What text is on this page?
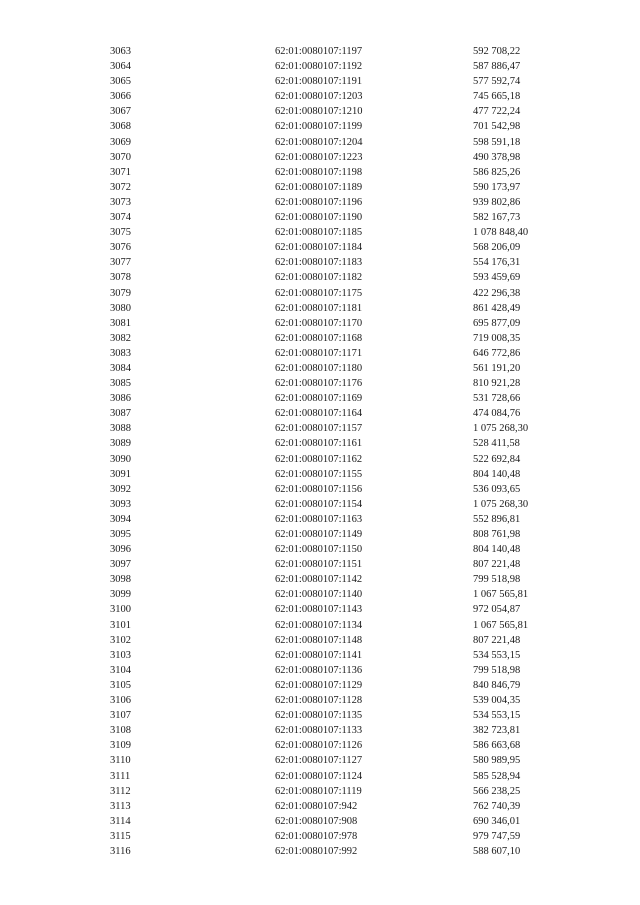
3063	62:01:0080107:1197	592 708,22
3064	62:01:0080107:1192	587 886,47
3065	62:01:0080107:1191	577 592,74
3066	62:01:0080107:1203	745 665,18
3067	62:01:0080107:1210	477 722,24
3068	62:01:0080107:1199	701 542,98
3069	62:01:0080107:1204	598 591,18
3070	62:01:0080107:1223	490 378,98
3071	62:01:0080107:1198	586 825,26
3072	62:01:0080107:1189	590 173,97
3073	62:01:0080107:1196	939 802,86
3074	62:01:0080107:1190	582 167,73
3075	62:01:0080107:1185	1 078 848,40
3076	62:01:0080107:1184	568 206,09
3077	62:01:0080107:1183	554 176,31
3078	62:01:0080107:1182	593 459,69
3079	62:01:0080107:1175	422 296,38
3080	62:01:0080107:1181	861 428,49
3081	62:01:0080107:1170	695 877,09
3082	62:01:0080107:1168	719 008,35
3083	62:01:0080107:1171	646 772,86
3084	62:01:0080107:1180	561 191,20
3085	62:01:0080107:1176	810 921,28
3086	62:01:0080107:1169	531 728,66
3087	62:01:0080107:1164	474 084,76
3088	62:01:0080107:1157	1 075 268,30
3089	62:01:0080107:1161	528 411,58
3090	62:01:0080107:1162	522 692,84
3091	62:01:0080107:1155	804 140,48
3092	62:01:0080107:1156	536 093,65
3093	62:01:0080107:1154	1 075 268,30
3094	62:01:0080107:1163	552 896,81
3095	62:01:0080107:1149	808 761,98
3096	62:01:0080107:1150	804 140,48
3097	62:01:0080107:1151	807 221,48
3098	62:01:0080107:1142	799 518,98
3099	62:01:0080107:1140	1 067 565,81
3100	62:01:0080107:1143	972 054,87
3101	62:01:0080107:1134	1 067 565,81
3102	62:01:0080107:1148	807 221,48
3103	62:01:0080107:1141	534 553,15
3104	62:01:0080107:1136	799 518,98
3105	62:01:0080107:1129	840 846,79
3106	62:01:0080107:1128	539 004,35
3107	62:01:0080107:1135	534 553,15
3108	62:01:0080107:1133	382 723,81
3109	62:01:0080107:1126	586 663,68
3110	62:01:0080107:1127	580 989,95
3111	62:01:0080107:1124	585 528,94
3112	62:01:0080107:1119	566 238,25
3113	62:01:0080107:942	762 740,39
3114	62:01:0080107:908	690 346,01
3115	62:01:0080107:978	979 747,59
3116	62:01:0080107:992	588 607,10
